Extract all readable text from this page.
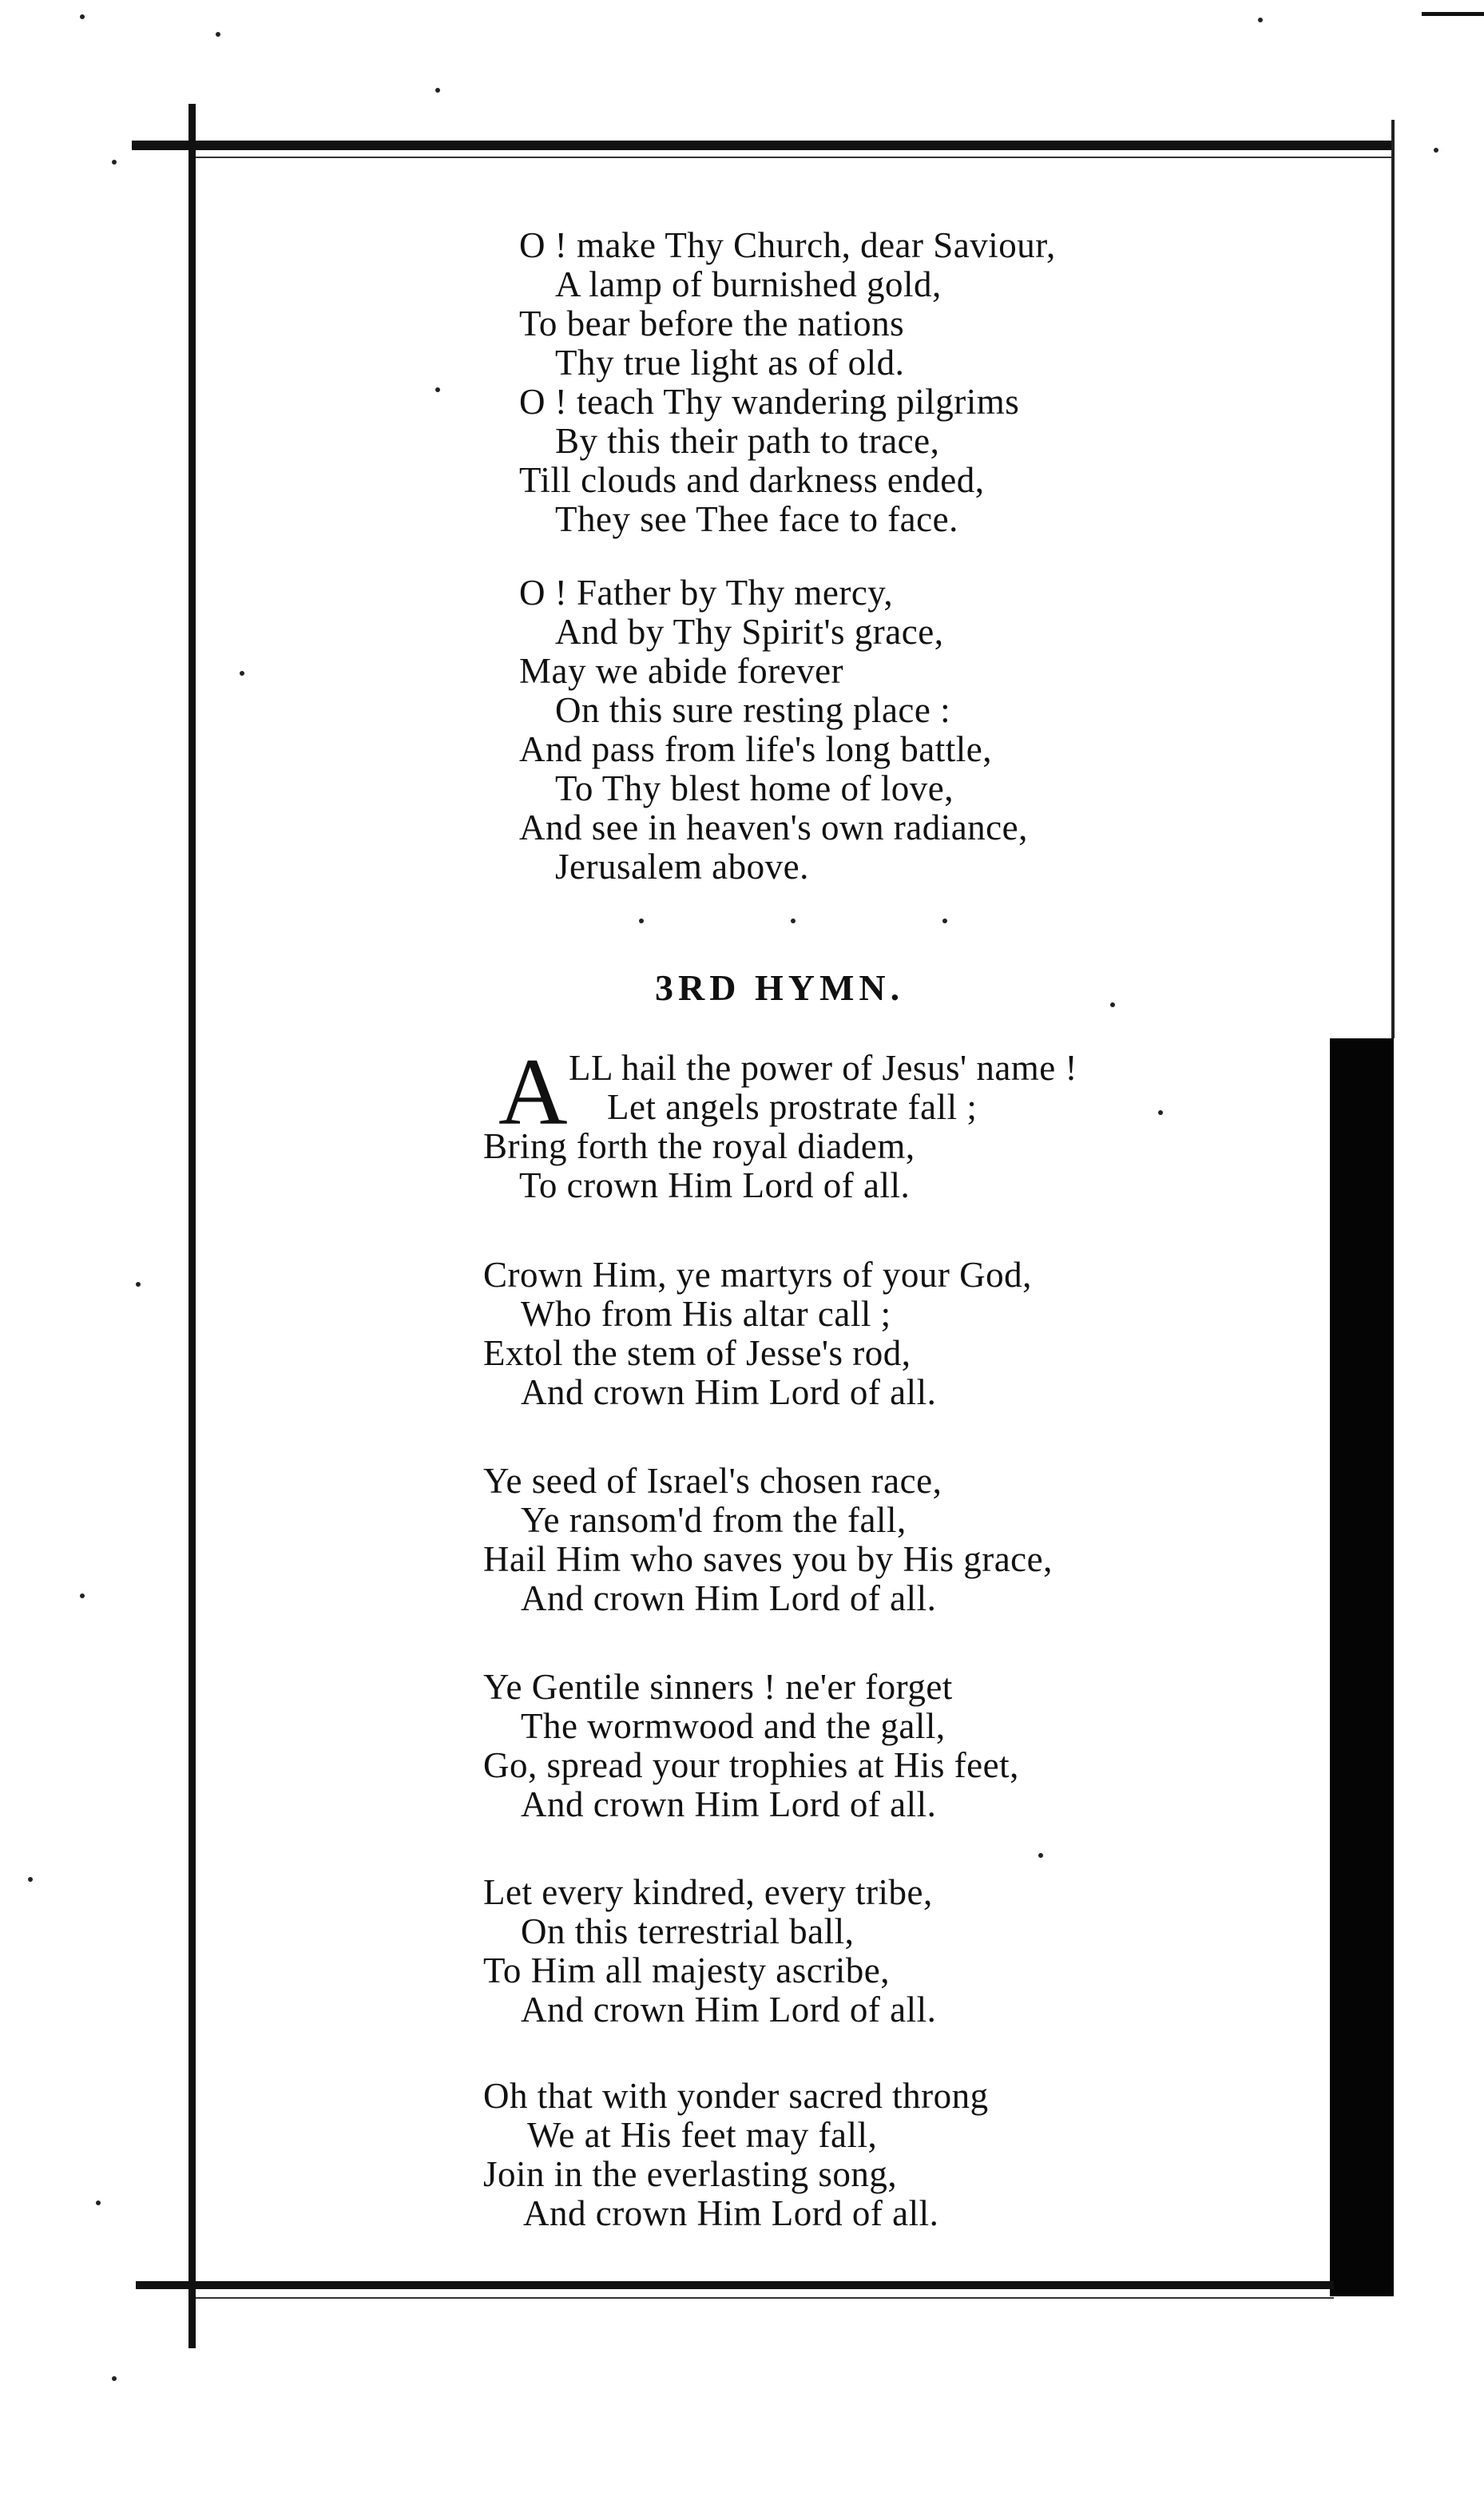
O ! make Thy Church, dear Saviour,
A lamp of burnished gold,
To bear before the nations
Thy true light as of old.
O ! teach Thy wandering pilgrims
By this their path to trace,
Till clouds and darkness ended,
They see Thee face to face.
O ! Father by Thy mercy,
And by Thy Spirit's grace,
May we abide forever
On this sure resting place :
And pass from life's long battle,
To Thy blest home of love,
And see in heaven's own radiance,
Jerusalem above.
3RD HYMN.
A LL hail the power of Jesus' name !
Let angels prostrate fall ;
Bring forth the royal diadem,
To crown Him Lord of all.
Crown Him, ye martyrs of your God,
Who from His altar call ;
Extol the stem of Jesse's rod,
And crown Him Lord of all.
Ye seed of Israel's chosen race,
Ye ransom'd from the fall,
Hail Him who saves you by His grace,
And crown Him Lord of all.
Ye Gentile sinners ! ne'er forget
The wormwood and the gall,
Go, spread your trophies at His feet,
And crown Him Lord of all.
Let every kindred, every tribe,
On this terrestrial ball,
To Him all majesty ascribe,
And crown Him Lord of all.
Oh that with yonder sacred throng
We at His feet may fall,
Join in the everlasting song,
And crown Him Lord of all.
